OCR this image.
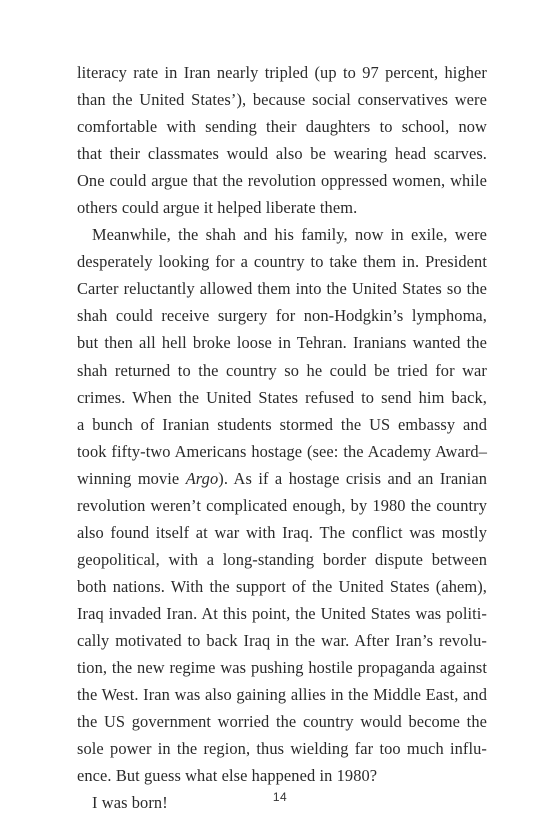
literacy rate in Iran nearly tripled (up to 97 percent, higher
than the United States’), because social conservatives were
comfortable with sending their daughters to school, now
that their classmates would also be wearing head scarves.
One could argue that the revolution oppressed women, while
others could argue it helped liberate them.
Meanwhile, the shah and his family, now in exile, were
desperately looking for a country to take them in. President
Carter reluctantly allowed them into the United States so the
shah could receive surgery for non-Hodgkin’s lymphoma,
but then all hell broke loose in Tehran. Iranians wanted the
shah returned to the country so he could be tried for war
crimes. When the United States refused to send him back,
a bunch of Iranian students stormed the US embassy and
took fifty-two Americans hostage (see: the Academy Award–
winning movie Argo). As if a hostage crisis and an Iranian
revolution weren’t complicated enough, by 1980 the country
also found itself at war with Iraq. The conflict was mostly
geopolitical, with a long-standing border dispute between
both nations. With the support of the United States (ahem),
Iraq invaded Iran. At this point, the United States was politi-
cally motivated to back Iraq in the war. After Iran’s revolu-
tion, the new regime was pushing hostile propaganda against
the West. Iran was also gaining allies in the Middle East, and
the US government worried the country would become the
sole power in the region, thus wielding far too much influ-
ence. But guess what else happened in 1980?
I was born!	14
